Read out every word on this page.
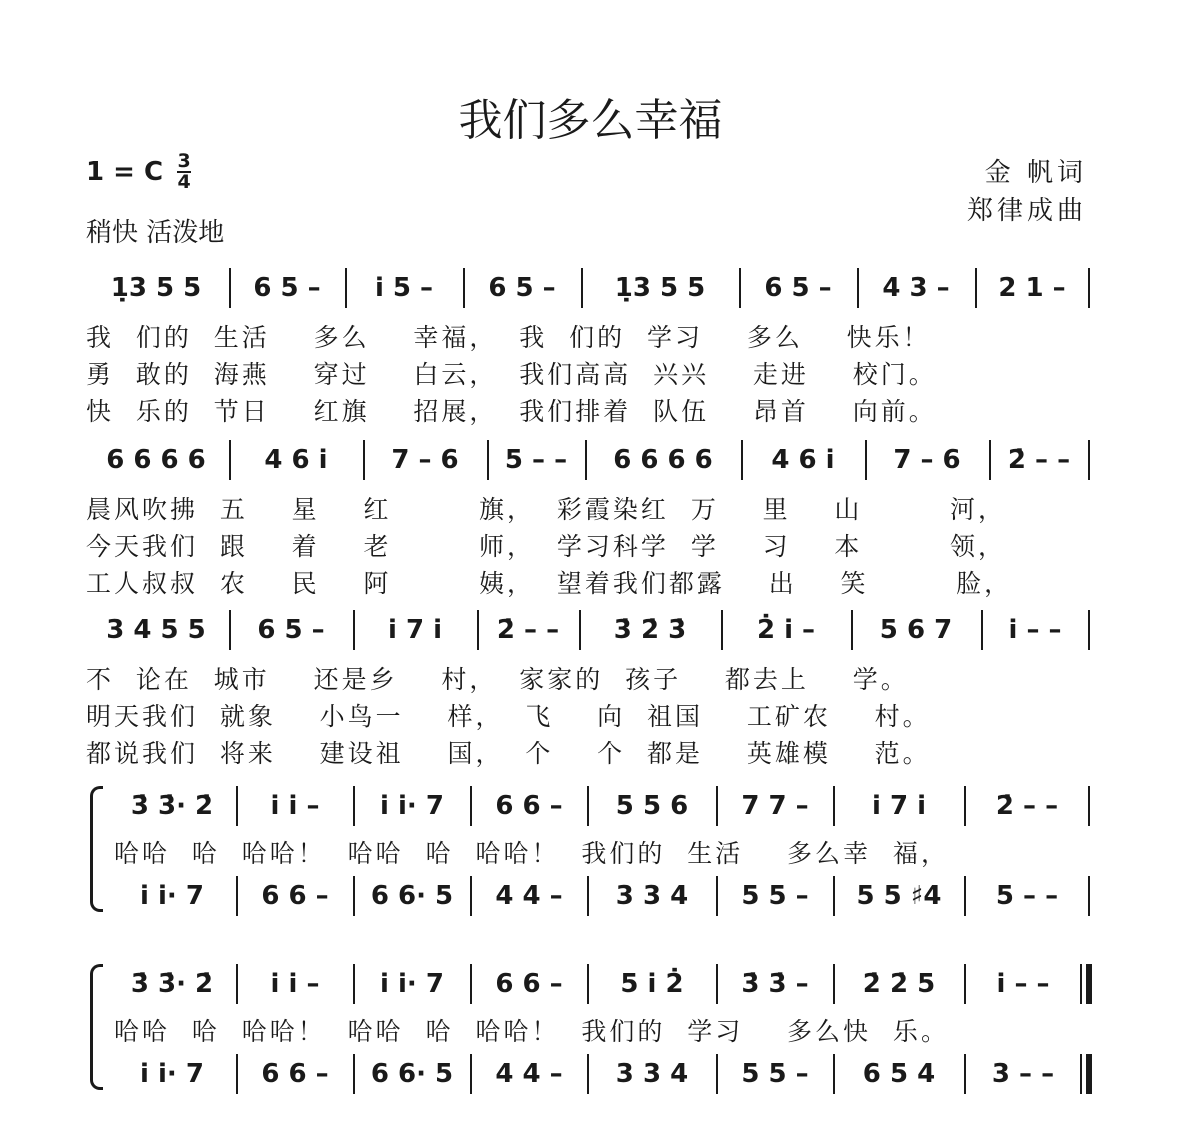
我们多么幸福
1 = C 3
4
稍快 活泼地
金 帆词
郑律成曲
1̣3 5 5	6 5 –	i 5 –	6 5 –	1̣3 5 5	6 5 –	4 3 –	2 1 –
我  们的  生活    多么    幸福，  我  们的  学习    多么    快乐！
勇  敢的  海燕    穿过    白云，  我们高高  兴兴    走进    校门。
快  乐的  节日    红旗    招展，  我们排着  队伍    昂首    向前。
6 6 6 6	4 6 i	7 – 6	5 – –	6 6 6 6	4 6 i	7 – 6	2̇ – –
晨风吹拂  五    星    红        旗，  彩霞染红  万    里    山        河，
今天我们  跟    着    老        师，  学习科学  学    习    本        领，
工人叔叔  农    民    阿        姨，  望着我们都露    出    笑        脸，
3 4 5 5	6 5 –	i 7 i	2̇ – –	3̇ 2̇ 3̇	2̇ i –	5 6 7	i – –
不  论在  城市    还是乡    村，  家家的  孩子    都去上    学。
明天我们  就象    小鸟一    样，  飞    向  祖国    工矿农    村。
都说我们  将来    建设祖    国，  个    个  都是    英雄模    范。
3̇ 3̇· 2̇	i i –	i i· 7	6 6 –	5 5 6	7 7 –	i 7 i	2̇ – –
哈哈  哈  哈哈！  哈哈  哈  哈哈！  我们的  生活    多么幸  福，
i i· 7	6 6 –	6 6· 5	4 4 –	3 3 4	5 5 –	5 5 ♯4	5 – –
3̇ 3̇· 2̇	i i –	i i· 7	6 6 –	5 i 2̇	3̇ 3̇ –	2̇ 2̇ 5	i – –
哈哈  哈  哈哈！  哈哈  哈  哈哈！  我们的  学习    多么快  乐。
i i· 7	6 6 –	6 6· 5	4 4 –	3 3 4	5 5 –	6 5 4	3 – –
